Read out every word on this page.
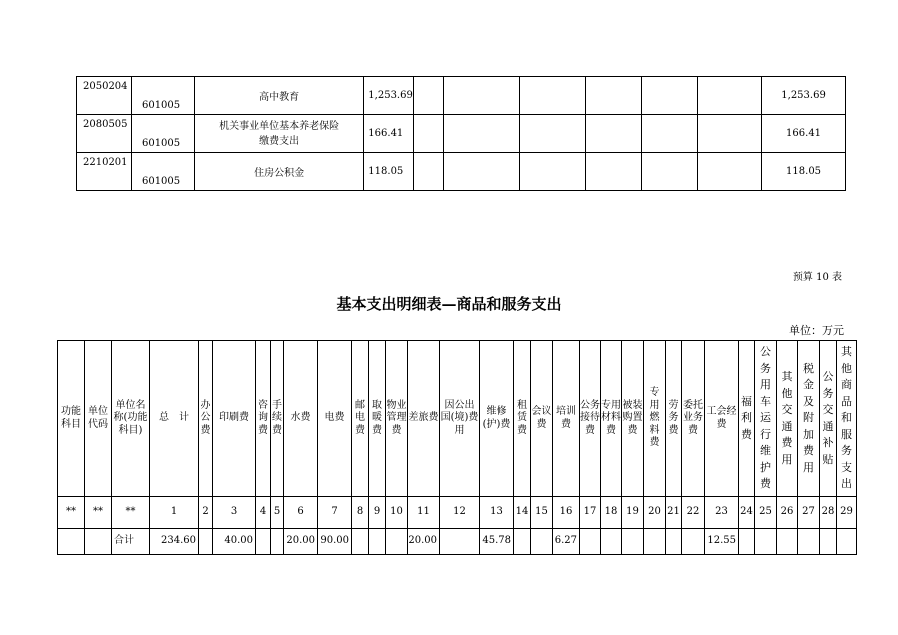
2050204	601005	高中教育	1,253.69							1,253.69
2080505	601005	机关事业单位基本养老保险缴费支出	166.41							166.41
2210201	601005	住房公积金	118.05							118.05
预算 10 表
基本支出明细表—商品和服务支出
单位：万元
功能科目	单位代码	单位名称(功能科目)	总　计	办公费	印刷费	咨询费	手续费	水费	电费	邮电费	取暖费	物业管理费	差旅费	因公出国(境)费用	维修(护)费	租赁费	会议费	培训费	公务接待费	专用材料费	被装购置费	专用燃料费	劳务费	委托业务费	工会经费	福利费	公务用车运行维护费	其他交通费用	税金及附加费用	公务交通补贴	其他商品和服务支出
**	**	**	1	2	3	4	5	6	7	8	9	10	11	12	13	14	15	16	17	18	19	20	21	22	23	24	25	26	27	28	29
		合计	234.60		40.00			20.00	90.00				20.00		45.78			6.27							12.55						
